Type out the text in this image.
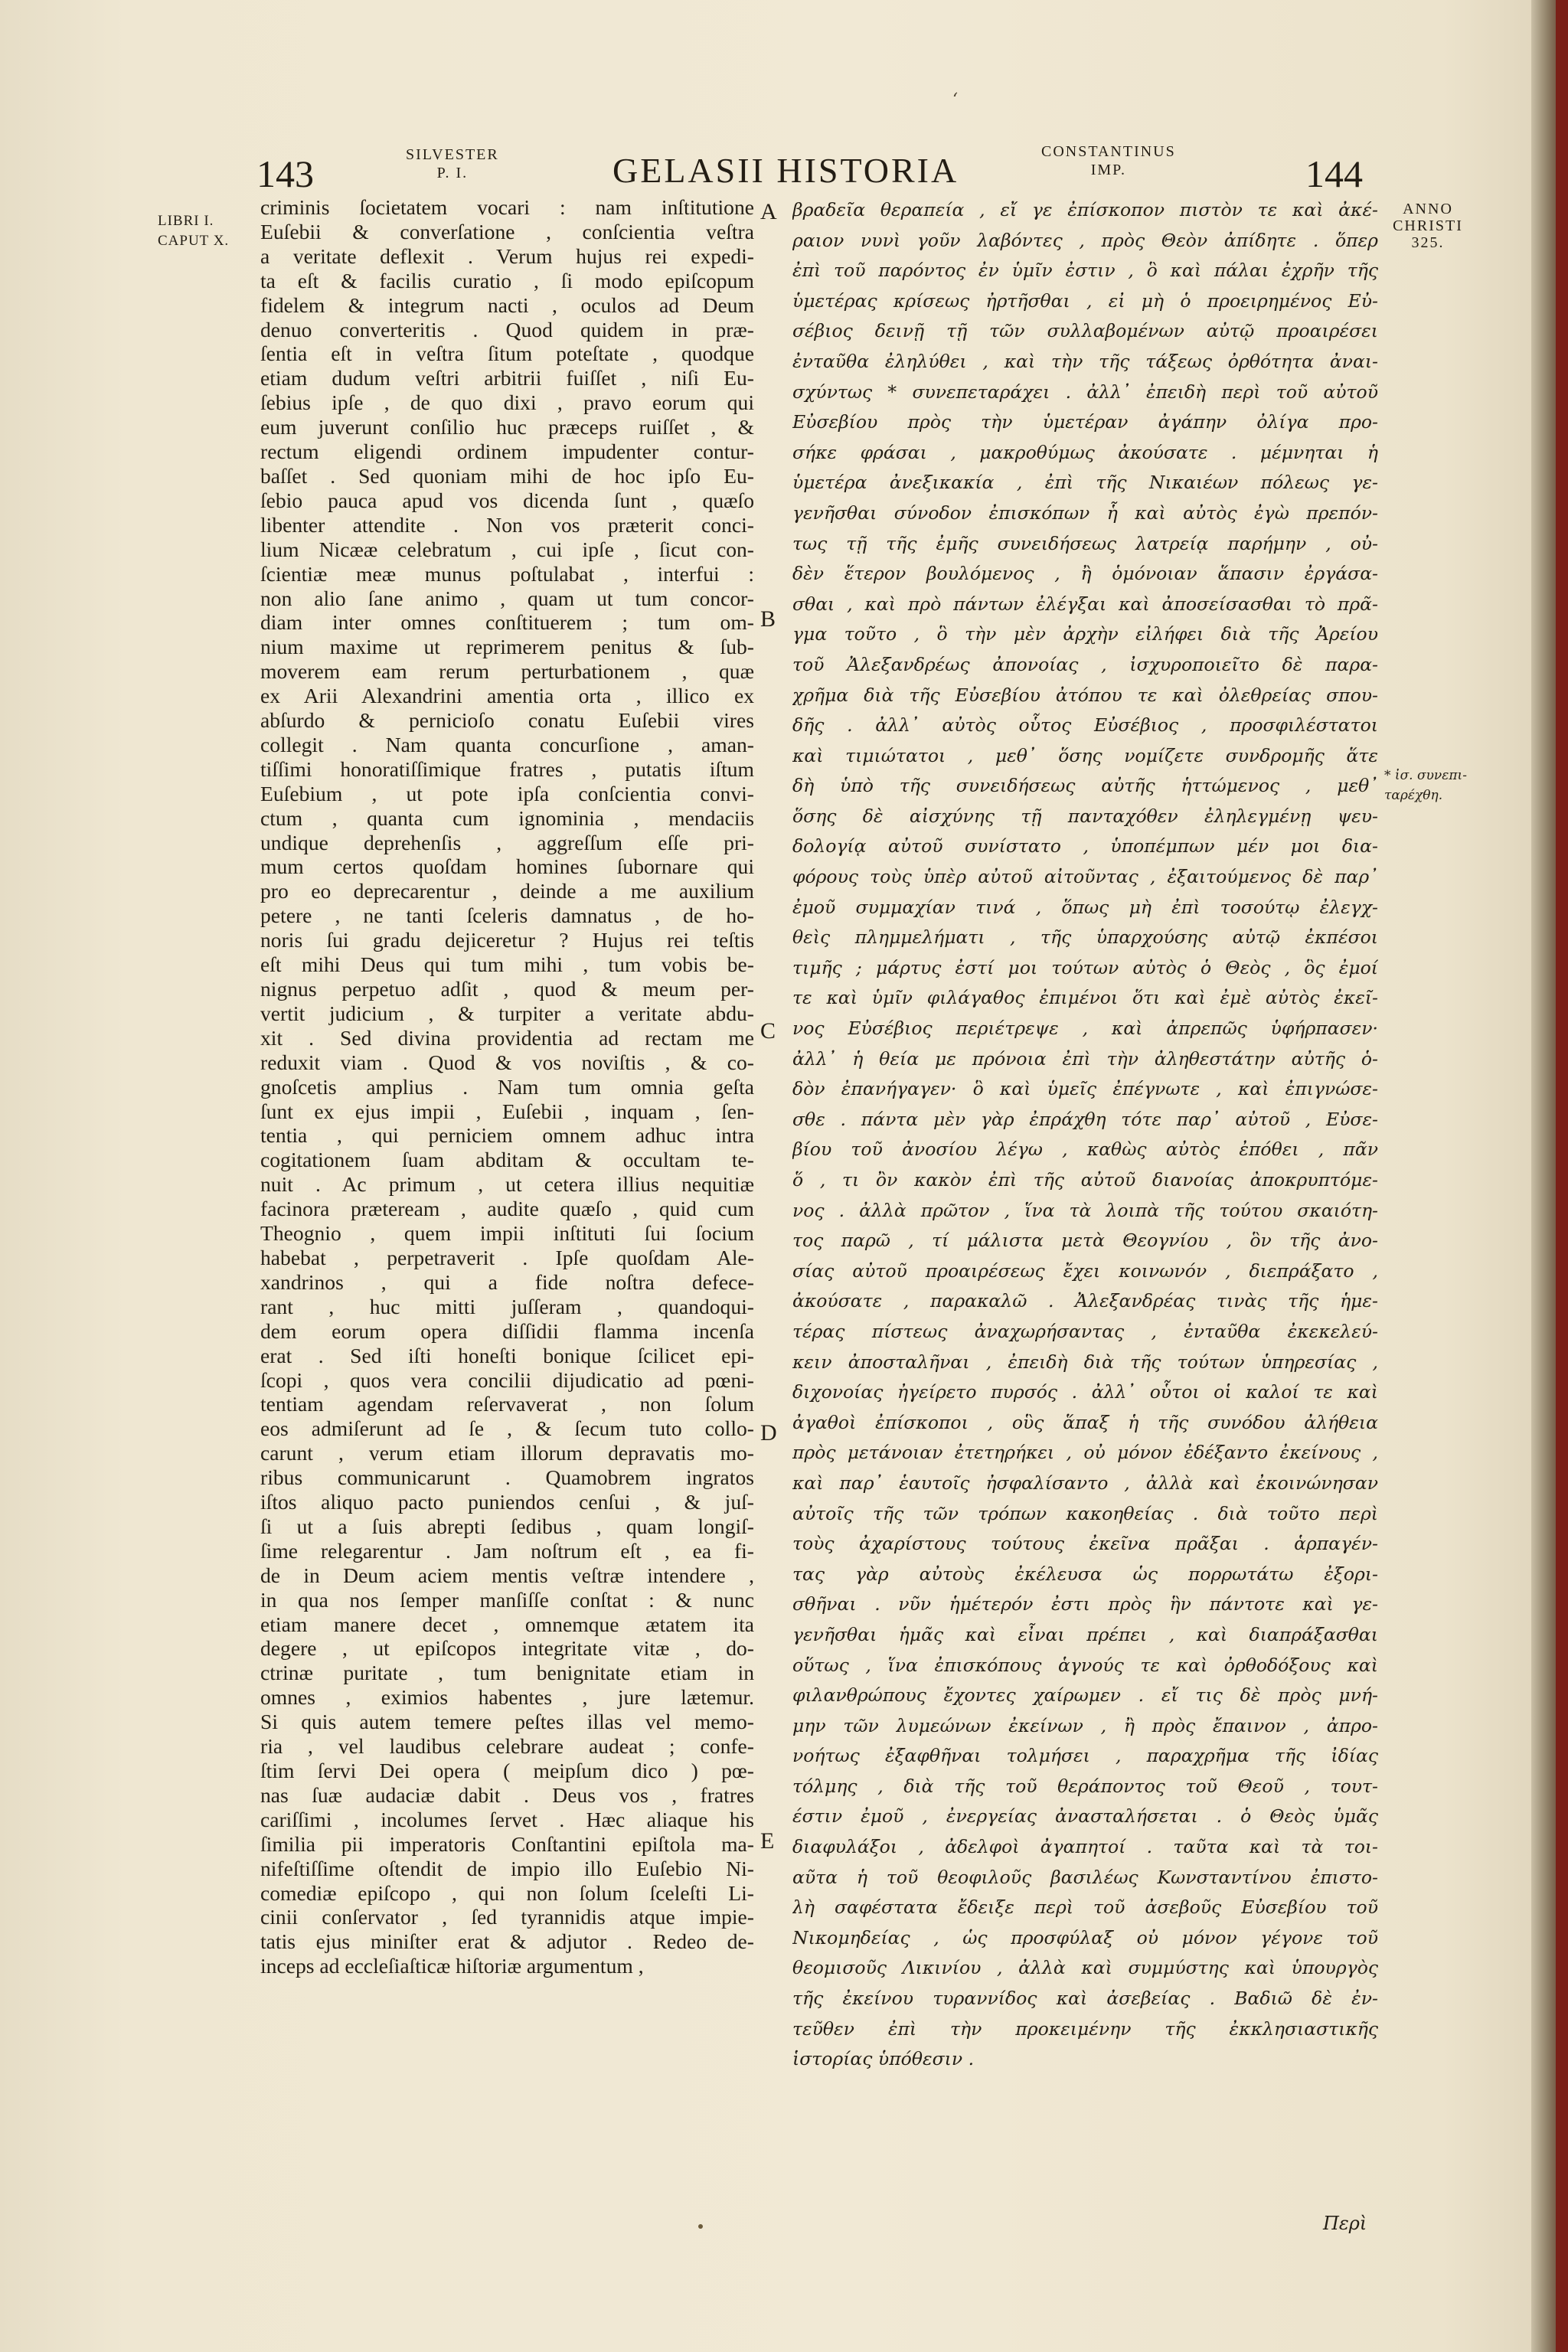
ʻ
143	SILVESTER
P. I.	GELASII HISTORIA	CONSTANTINUS
IMP.	144
ANNO
CHRISTI
325.
LIBRI I.
CAPUT X.
criminis ſocietatem vocari : nam inſtitutione
Euſebii & converſatione , conſcientia veſtra
a veritate deflexit . Verum hujus rei expedi-
ta eſt & facilis curatio , ſi modo epiſcopum
fidelem & integrum nacti , oculos ad Deum
denuo converteritis . Quod quidem in præ-
ſentia eſt in veſtra ſitum poteſtate , quodque
etiam dudum veſtri arbitrii fuiſſet , niſi Eu-
ſebius ipſe , de quo dixi , pravo eorum qui
eum juverunt conſilio huc præceps ruiſſet , &
rectum eligendi ordinem impudenter contur-
baſſet . Sed quoniam mihi de hoc ipſo Eu-
ſebio pauca apud vos dicenda ſunt , quæſo
libenter attendite . Non vos præterit conci-
lium Nicææ celebratum , cui ipſe , ſicut con-
ſcientiæ meæ munus poſtulabat , interfui :
non alio ſane animo , quam ut tum concor-
diam inter omnes conſtituerem ; tum om-
nium maxime ut reprimerem penitus & ſub-
moverem eam rerum perturbationem , quæ
ex Arii Alexandrini amentia orta , illico ex
abſurdo & pernicioſo conatu Euſebii vires
collegit . Nam quanta concurſione , aman-
tiſſimi honoratiſſimique fratres , putatis iſtum
Euſebium , ut pote ipſa conſcientia convi-
ctum , quanta cum ignominia , mendaciis
undique deprehenſis , aggreſſum eſſe pri-
mum certos quoſdam homines ſubornare qui
pro eo deprecarentur , deinde a me auxilium
petere , ne tanti ſceleris damnatus , de ho-
noris ſui gradu dejiceretur ? Hujus rei teſtis
eſt mihi Deus qui tum mihi , tum vobis be-
nignus perpetuo adſit , quod & meum per-
vertit judicium , & turpiter a veritate abdu-
xit . Sed divina providentia ad rectam me
reduxit viam . Quod & vos noviſtis , & co-
gnoſcetis amplius . Nam tum omnia geſta
ſunt ex ejus impii , Euſebii , inquam , ſen-
tentia , qui perniciem omnem adhuc intra
cogitationem ſuam abditam & occultam te-
nuit . Ac primum , ut cetera illius nequitiæ
facinora præteream , audite quæſo , quid cum
Theognio , quem impii inſtituti ſui ſocium
habebat , perpetraverit . Ipſe quoſdam Ale-
xandrinos , qui a fide noſtra defece-
rant , huc mitti juſſeram , quandoqui-
dem eorum opera diſſidii flamma incenſa
erat . Sed iſti honeſti bonique ſcilicet epi-
ſcopi , quos vera concilii dijudicatio ad pœni-
tentiam agendam reſervaverat , non ſolum
eos admiſerunt ad ſe , & ſecum tuto collo-
carunt , verum etiam illorum depravatis mo-
ribus communicarunt . Quamobrem ingratos
iſtos aliquo pacto puniendos cenſui , & juſ-
ſi ut a ſuis abrepti ſedibus , quam longiſ-
ſime relegarentur . Jam noſtrum eſt , ea fi-
de in Deum aciem mentis veſtræ intendere ,
in qua nos ſemper manſiſſe conſtat : & nunc
etiam manere decet , omnemque ætatem ita
degere , ut epiſcopos integritate vitæ , do-
ctrinæ puritate , tum benignitate etiam in
omnes , eximios habentes , jure lætemur.
Si quis autem temere peſtes illas vel memo-
ria , vel laudibus celebrare audeat ; confe-
ſtim ſervi Dei opera ( meipſum dico ) pœ-
nas ſuæ audaciæ dabit . Deus vos , fratres
cariſſimi , incolumes ſervet . Hæc aliaque his
ſimilia pii imperatoris Conſtantini epiſtola ma-
nifeſtiſſime oſtendit de impio illo Euſebio Ni-
comediæ epiſcopo , qui non ſolum ſceleſti Li-
cinii conſervator , ſed tyrannidis atque impie-
tatis ejus miniſter erat & adjutor . Redeo de-
inceps ad eccleſiaſticæ hiſtoriæ argumentum ,
βραδεῖα θεραπεία , εἴ γε ἐπίσκοπον πιστὸν τε καὶ ἀκέ-
ραιον νυνὶ γοῦν λαβόντες , πρὸς Θεὸν ἀπίδητε . ὅπερ
ἐπὶ τοῦ παρόντος ἐν ὑμῖν ἐστιν , ὃ καὶ πάλαι ἐχρῆν τῆς
ὑμετέρας κρίσεως ἠρτῆσθαι , εἰ μὴ ὁ προειρημένος Εὐ-
σέβιος δεινῇ τῇ τῶν συλλαβομένων αὐτῷ προαιρέσει
ἐνταῦθα ἐληλύθει , καὶ τὴν τῆς τάξεως ὀρθότητα ἀναι-
σχύντως * συνεπεταράχει . ἀλλ᾽ ἐπειδὴ περὶ τοῦ αὐτοῦ
Εὐσεβίου πρὸς τὴν ὑμετέραν ἀγάπην ὀλίγα προ-
σήκε φράσαι , μακροθύμως ἀκούσατε . μέμνηται ἡ
ὑμετέρα ἀνεξικακία , ἐπὶ τῆς Νικαιέων πόλεως γε-
γενῆσθαι σύνοδον ἐπισκόπων ἧ καὶ αὐτὸς ἐγὼ πρεπόν-
τως τῇ τῆς ἐμῆς συνειδήσεως λατρείᾳ παρήμην , οὐ-
δὲν ἕτερον βουλόμενος , ἢ ὁμόνοιαν ἅπασιν ἐργάσα-
σθαι , καὶ πρὸ πάντων ἐλέγξαι καὶ ἀποσείσασθαι τὸ πρᾶ-
γμα τοῦτο , ὃ τὴν μὲν ἀρχὴν εἰλήφει διὰ τῆς Ἀρείου
τοῦ Ἀλεξανδρέως ἀπονοίας , ἰσχυροποιεῖτο δὲ παρα-
χρῆμα διὰ τῆς Εὐσεβίου ἀτόπου τε καὶ ὀλεθρείας σπου-
δῆς . ἀλλ᾽ αὐτὸς οὗτος Εὐσέβιος , προσφιλέστατοι
καὶ τιμιώτατοι , μεθ᾽ ὅσης νομίζετε συνδρομῆς ἅτε
δὴ ὑπὸ τῆς συνειδήσεως αὐτῆς ἡττώμενος , μεθ᾽
ὅσης δὲ αἰσχύνης τῇ πανταχόθεν ἐληλεγμένῃ ψευ-
δολογίᾳ αὐτοῦ συνίστατο , ὑποπέμπων μέν μοι δια-
φόρους τοὺς ὑπὲρ αὐτοῦ αἰτοῦντας , ἐξαιτούμενος δὲ παρ᾽
ἐμοῦ συμμαχίαν τινά , ὅπως μὴ ἐπὶ τοσούτῳ ἐλεγχ-
θεὶς πλημμελήματι , τῆς ὑπαρχούσης αὐτῷ ἐκπέσοι
τιμῆς ; μάρτυς ἐστί μοι τούτων αὐτὸς ὁ Θεὸς , ὃς ἐμοί
τε καὶ ὑμῖν φιλάγαθος ἐπιμένοι ὅτι καὶ ἐμὲ αὐτὸς ἐκεῖ-
νος Εὐσέβιος περιέτρεψε , καὶ ἀπρεπῶς ὑφήρπασεν·
ἀλλ᾽ ἡ θεία με πρόνοια ἐπὶ τὴν ἀληθεστάτην αὐτῆς ὁ-
δὸν ἐπανήγαγεν· ὃ καὶ ὑμεῖς ἐπέγνωτε , καὶ ἐπιγνώσε-
σθε . πάντα μὲν γὰρ ἐπράχθη τότε παρ᾽ αὐτοῦ , Εὐσε-
βίου τοῦ ἀνοσίου λέγω , καθὼς αὐτὸς ἐπόθει , πᾶν
ὅ , τι ὂν κακὸν ἐπὶ τῆς αὐτοῦ διανοίας ἀποκρυπτόμε-
νος . ἀλλὰ πρῶτον , ἵνα τὰ λοιπὰ τῆς τούτου σκαιότη-
τος παρῶ , τί μάλιστα μετὰ Θεογνίου , ὃν τῆς ἀνο-
σίας αὐτοῦ προαιρέσεως ἔχει κοινωνόν , διεπράξατο ,
ἀκούσατε , παρακαλῶ . Ἀλεξανδρέας τινὰς τῆς ἡμε-
τέρας πίστεως ἀναχωρήσαντας , ἐνταῦθα ἐκεκελεύ-
κειν ἀποσταλῆναι , ἐπειδὴ διὰ τῆς τούτων ὑπηρεσίας ,
διχονοίας ἠγείρετο πυρσός . ἀλλ᾽ οὗτοι οἱ καλοί τε καὶ
ἀγαθοὶ ἐπίσκοποι , οὓς ἅπαξ ἡ τῆς συνόδου ἀλήθεια
πρὸς μετάνοιαν ἐτετηρήκει , οὐ μόνον ἐδέξαντο ἐκείνους ,
καὶ παρ᾽ ἑαυτοῖς ἠσφαλίσαντο , ἀλλὰ καὶ ἐκοινώνησαν
αὐτοῖς τῆς τῶν τρόπων κακοηθείας . διὰ τοῦτο περὶ
τοὺς ἀχαρίστους τούτους ἐκεῖνα πρᾶξαι . ἁρπαγέν-
τας γὰρ αὐτοὺς ἐκέλευσα ὡς πορρωτάτω ἐξορι-
σθῆναι . νῦν ἡμέτερόν ἐστι πρὸς ἣν πάντοτε καὶ γε-
γενῆσθαι ἡμᾶς καὶ εἶναι πρέπει , καὶ διαπράξασθαι
οὕτως , ἵνα ἐπισκόπους ἁγνούς τε καὶ ὀρθοδόξους καὶ
φιλανθρώπους ἔχοντες χαίρωμεν . εἴ τις δὲ πρὸς μνή-
μην τῶν λυμεώνων ἐκείνων , ἢ πρὸς ἔπαινον , ἀπρο-
νοήτως ἐξαφθῆναι τολμήσει , παραχρῆμα τῆς ἰδίας
τόλμης , διὰ τῆς τοῦ θεράποντος τοῦ Θεοῦ , τουτ-
έστιν ἐμοῦ , ἐνεργείας ἀνασταλήσεται . ὁ Θεὸς ὑμᾶς
διαφυλάξοι , ἀδελφοὶ ἀγαπητοί . ταῦτα καὶ τὰ τοι-
αῦτα ἡ τοῦ θεοφιλοῦς βασιλέως Κωνσταντίνου ἐπιστο-
λὴ σαφέστατα ἔδειξε περὶ τοῦ ἀσεβοῦς Εὐσεβίου τοῦ
Νικομηδείας , ὡς προσφύλαξ οὐ μόνον γέγονε τοῦ
θεομισοῦς Λικινίου , ἀλλὰ καὶ συμμύστης καὶ ὑπουργὸς
τῆς ἐκείνου τυραννίδος καὶ ἀσεβείας . Βαδιῶ δὲ ἐν-
τεῦθεν ἐπὶ τὴν προκειμένην τῆς ἐκκλησιαστικῆς
ἱστορίας ὑπόθεσιν .
A
B
C
D
E
* ἰσ. συνεπι-
ταρέχθη.
Περὶ
